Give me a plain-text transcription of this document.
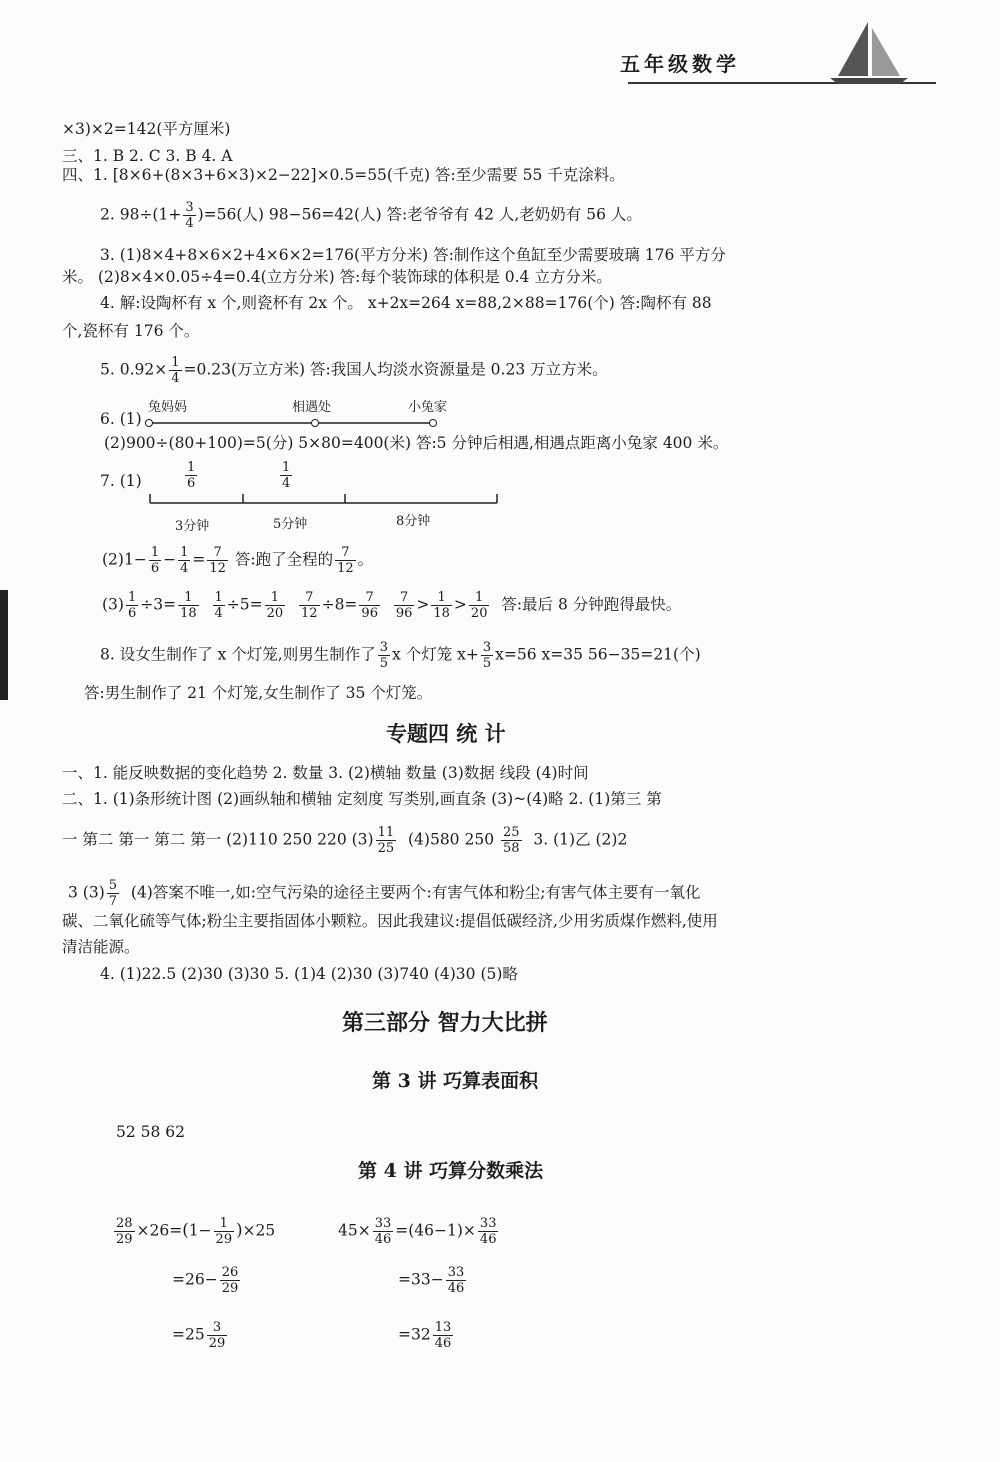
五年级数学
×3)×2=142(平方厘米)
三、1. B 2. C 3. B 4. A
四、1. [8×6+(8×3+6×3)×2−22]×0.5=55(千克) 答:至少需要 55 千克涂料。
2. $98\div(1+ \frac{3}{4} )=56$(人) 98−56=42(人) 答:老爷爷有 42 人,老奶奶有 56 人。
3. (1)8×4+8×6×2+4×6×2=176(平方分米) 答:制作这个鱼缸至少需要玻璃 176 平方分
米。 (2)8×4×0.05÷4=0.4(立方分米) 答:每个装饰球的体积是 0.4 立方分米。
4. 解:设陶杯有 x 个,则瓷杯有 2x 个。 x+2x=264 x=88,2×88=176(个) 答:陶杯有 88
个,瓷杯有 176 个。
5. $0.92\times \frac{1}{4} =0.23$(万立方米) 答:我国人均淡水资源量是 0.23 万立方米。
6. (1)
兔妈妈	相遇处	小兔家
(2)900÷(80+100)=5(分) 5×80=400(米) 答:5 分钟后相遇,相遇点距离小兔家 400 米。
7. (1)	$\frac{1}{6}$	$\frac{1}{4}$
3分钟	5分钟	8分钟
$(2)1- \frac{1}{6} - \frac{1}{4} = \frac{7}{12}$ 答:跑了全程的 $\frac{7}{12}$ 。
$(3) \frac{1}{6} \div 3= \frac{1}{18}$
$\frac{1}{4} \div 5= \frac{1}{20}$
$\frac{7}{12} \div 8= \frac{7}{96}$
$\frac{7}{96} > \frac{1}{18} > \frac{1}{20}$ 答:最后 8 分钟跑得最快。
8. 设女生制作了 x 个灯笼,则男生制作了 $\frac{3}{5}$ x 个灯笼 $x+ \frac{3}{5} x=56$ x=35 56−35=21(个)
答:男生制作了 21 个灯笼,女生制作了 35 个灯笼。
专题四 统 计
一、1. 能反映数据的变化趋势 2. 数量 3. (2)横轴 数量 (3)数据 线段 (4)时间
二、1. (1)条形统计图 (2)画纵轴和横轴 定刻度 写类别,画直条 (3)~(4)略 2. (1)第三 第
一 第二 第一 第二 第一 (2)110 250 220 $(3) \frac{11}{25} (4)580$ $250 \frac{25}{58} 3$. (1)乙 (2)2
3 $(3) \frac{5}{7} (4)$答案不唯一,如:空气污染的途径主要两个:有害气体和粉尘;有害气体主要有一氧化
碳、二氧化硫等气体;粉尘主要指固体小颗粒。因此我建议:提倡低碳经济,少用劣质煤作燃料,使用
清洁能源。
4. (1)22.5 (2)30 (3)30 5. (1)4 (2)30 (3)740 (4)30 (5)略
第三部分 智力大比拼
第 3 讲 巧算表面积
52 58 62
第 4 讲 巧算分数乘法
$\frac{28}{29} \times 26=(1- \frac{1}{29} )\times 25$
$=26- \frac{26}{29}$
$=25 \frac{3}{29}$
$45\times \frac{33}{46} =(46-1)\times \frac{33}{46}$
$=33- \frac{33}{46}$
$=32 \frac{13}{46}$
